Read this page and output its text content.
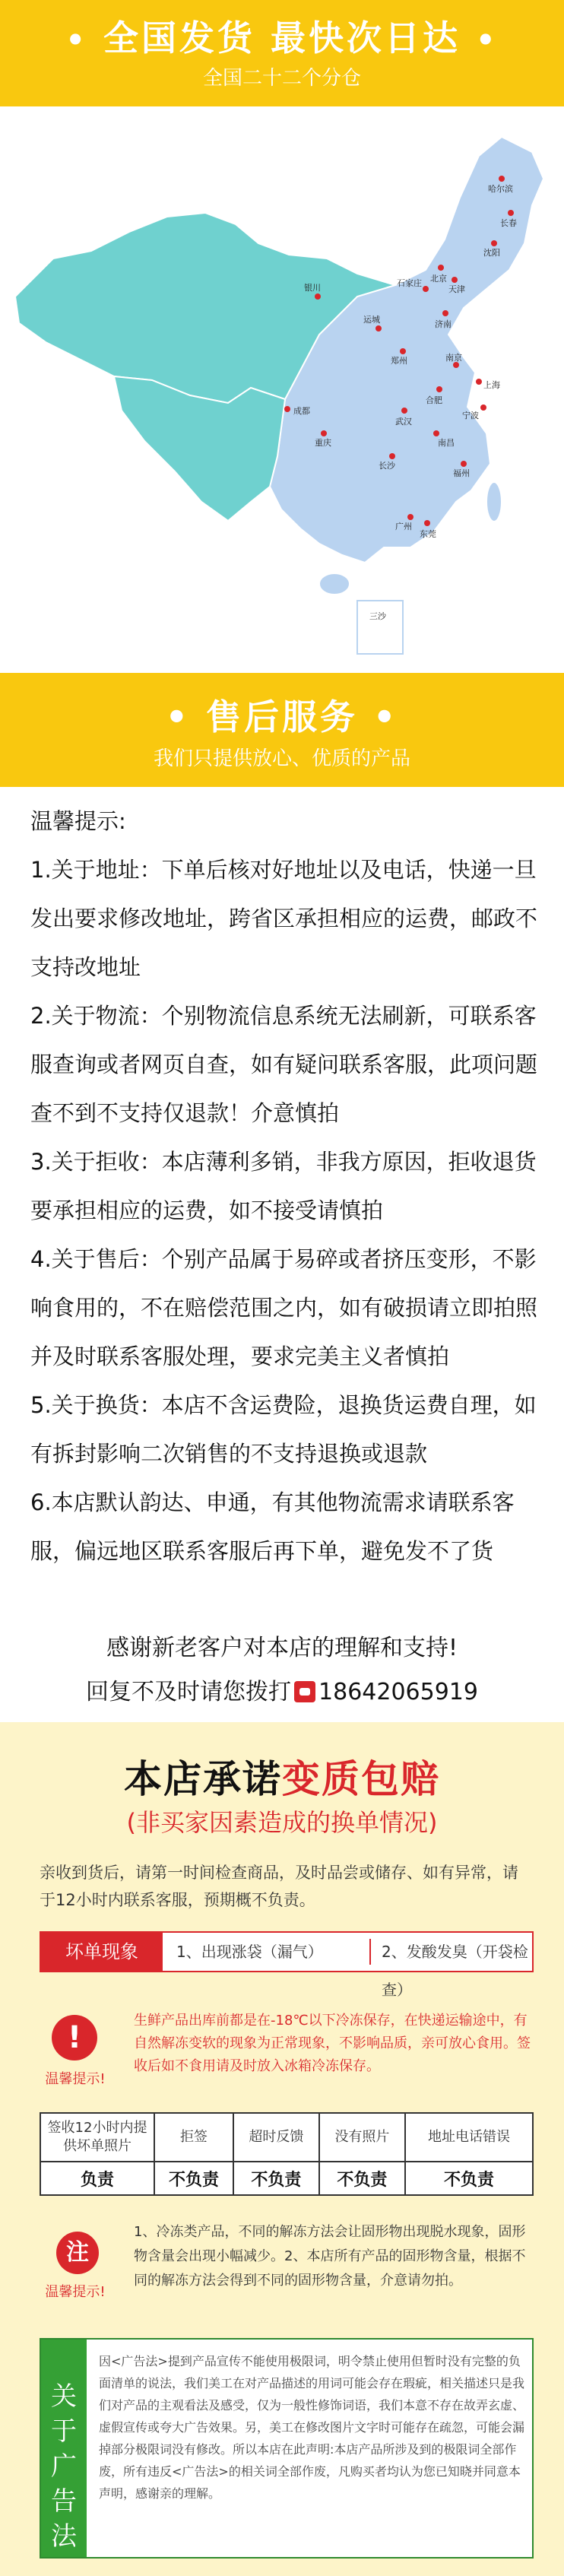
• 全国发货 最快次日达 •
全国二十二个分仓
哈尔滨
长春
沈阳
北京
天津
石家庄
银川
运城	济南
郑州	南京
上海
成都
合肥
宁波
重庆
武汉
南昌
长沙
福州
广州
东莞
三沙
• 售后服务 •
我们只提供放心、优质的产品

温馨提示:

1.关于地址：下单后核对好地址以及电话，快递一旦发出要求修改地址，跨省区承担相应的运费，邮政不支持改地址

2.关于物流：个别物流信息系统无法刷新，可联系客服查询或者网页自查，如有疑问联系客服，此项问题查不到不支持仅退款！介意慎拍

3.关于拒收：本店薄利多销，非我方原因，拒收退货要承担相应的运费，如不接受请慎拍

4.关于售后：个别产品属于易碎或者挤压变形，不影响食用的，不在赔偿范围之内，如有破损请立即拍照并及时联系客服处理，要求完美主义者慎拍

5.关于换货：本店不含运费险，退换货运费自理，如有拆封影响二次销售的不支持退换或退款

6.本店默认韵达、申通，有其他物流需求请联系客服，偏远地区联系客服后再下单，避免发不了货

感谢新老客户对本店的理解和支持!
回复不及时请您拨打 18642065919
本店承诺变质包赔
(非买家因素造成的换单情况)
亲收到货后，请第一时间检查商品，及时品尝或储存、如有异常，请于12小时内联系客服，预期概不负责。
坏单现象	1、出现涨袋（漏气）	2、发酸发臭（开袋检查）
!
温馨提示!
生鲜产品出库前都是在-18℃以下冷冻保存，在快递运输途中，有自然解冻变软的现象为正常现象，不影响品质，亲可放心食用。签收后如不食用请及时放入冰箱冷冻保存。
签收12小时内提供坏单照片	拒签	超时反馈	没有照片	地址电话错误
负责	不负责	不负责	不负责	不负责
注
温馨提示!
1、冷冻类产品，不同的解冻方法会让固形物出现脱水现象，固形物含量会出现小幅减少。2、本店所有产品的固形物含量，根据不同的解冻方法会得到不同的固形物含量，介意请勿拍。
关于广告法
因<广告法>提到产品宣传不能使用极限词，明令禁止使用但暂时没有完整的负面清单的说法，我们美工在对产品描述的用词可能会存在瑕疵，相关描述只是我们对产品的主观看法及感受，仅为一般性修饰词语，我们本意不存在故弄玄虚、虚假宣传或夸大广告效果。另，美工在修改图片文字时可能存在疏忽，可能会漏掉部分极限词没有修改。所以本店在此声明:本店产品所涉及到的极限词全部作废，所有违反<广告法>的相关词全部作废，凡购买者均认为您已知晓并同意本声明，感谢亲的理解。
